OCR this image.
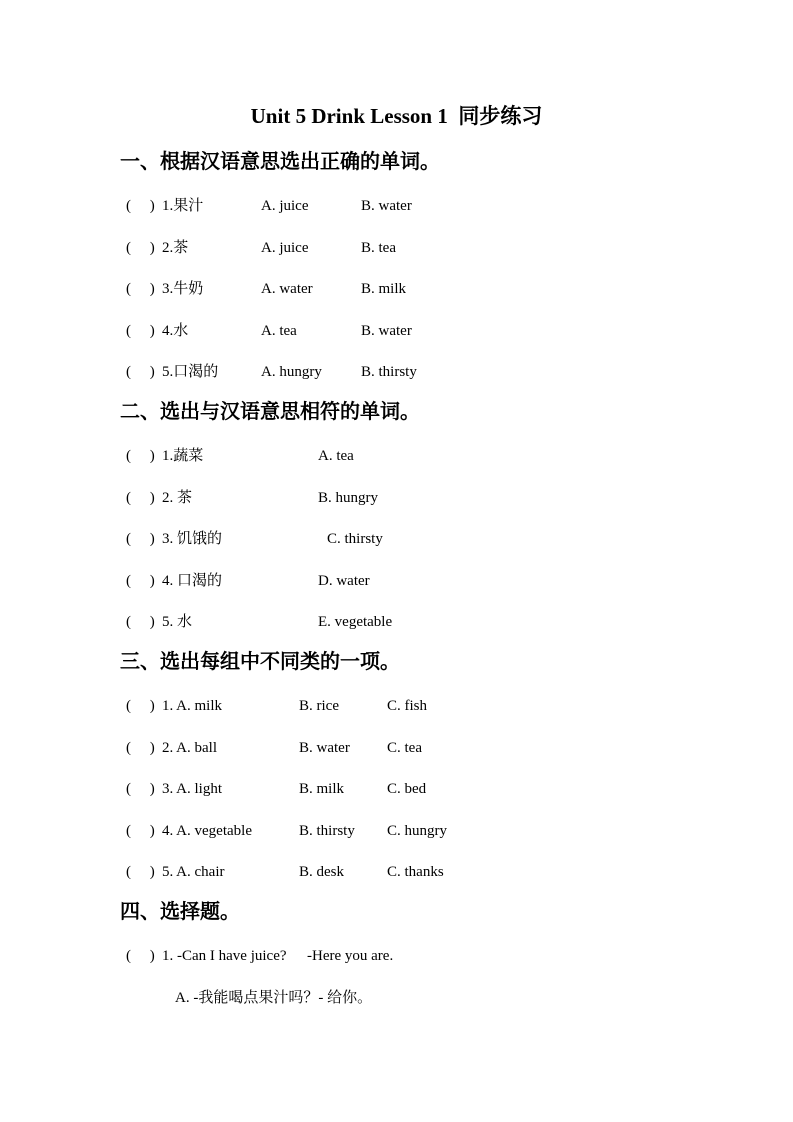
Unit 5 Drink Lesson 1  同步练习
一、根据汉语意思选出正确的单词。
(     ) 1.果汁	A. juice	B. water
(     ) 2.茶	A. juice	B. tea
(     ) 3.牛奶	A. water	B. milk
(     ) 4.水	A. tea	B. water
(     ) 5.口渴的	A. hungry	B. thirsty
二、选出与汉语意思相符的单词。
(     ) 1.蔬菜	A. tea
(     ) 2. 茶	B. hungry
(     ) 3. 饥饿的	C. thirsty
(     ) 4. 口渴的	D. water
(     ) 5. 水	E. vegetable
三、选出每组中不同类的一项。
(     ) 1. A. milk	B. rice	C. fish
(     ) 2. A. ball	B. water	C. tea
(     ) 3. A. light	B. milk	C. bed
(     ) 4. A. vegetable	B. thirsty	C. hungry
(     ) 5. A. chair	B. desk	C. thanks
四、选择题。
(     ) 1. -Can I have juice?	-Here you are.
A. -我能喝点果汁吗？- 给你。
